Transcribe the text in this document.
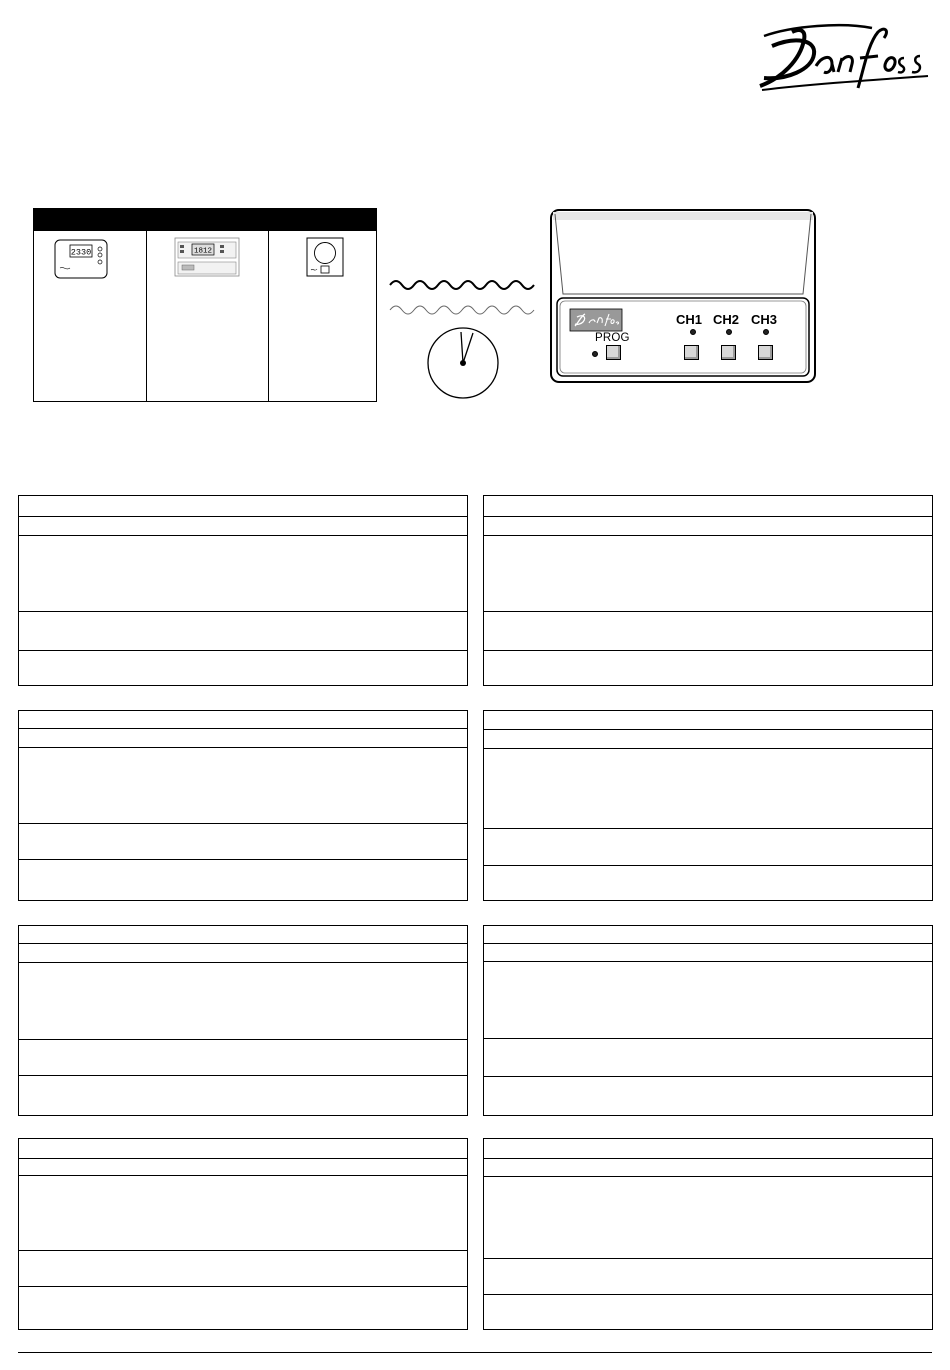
2330	1812
PROG
CH1 CH2 CH3
